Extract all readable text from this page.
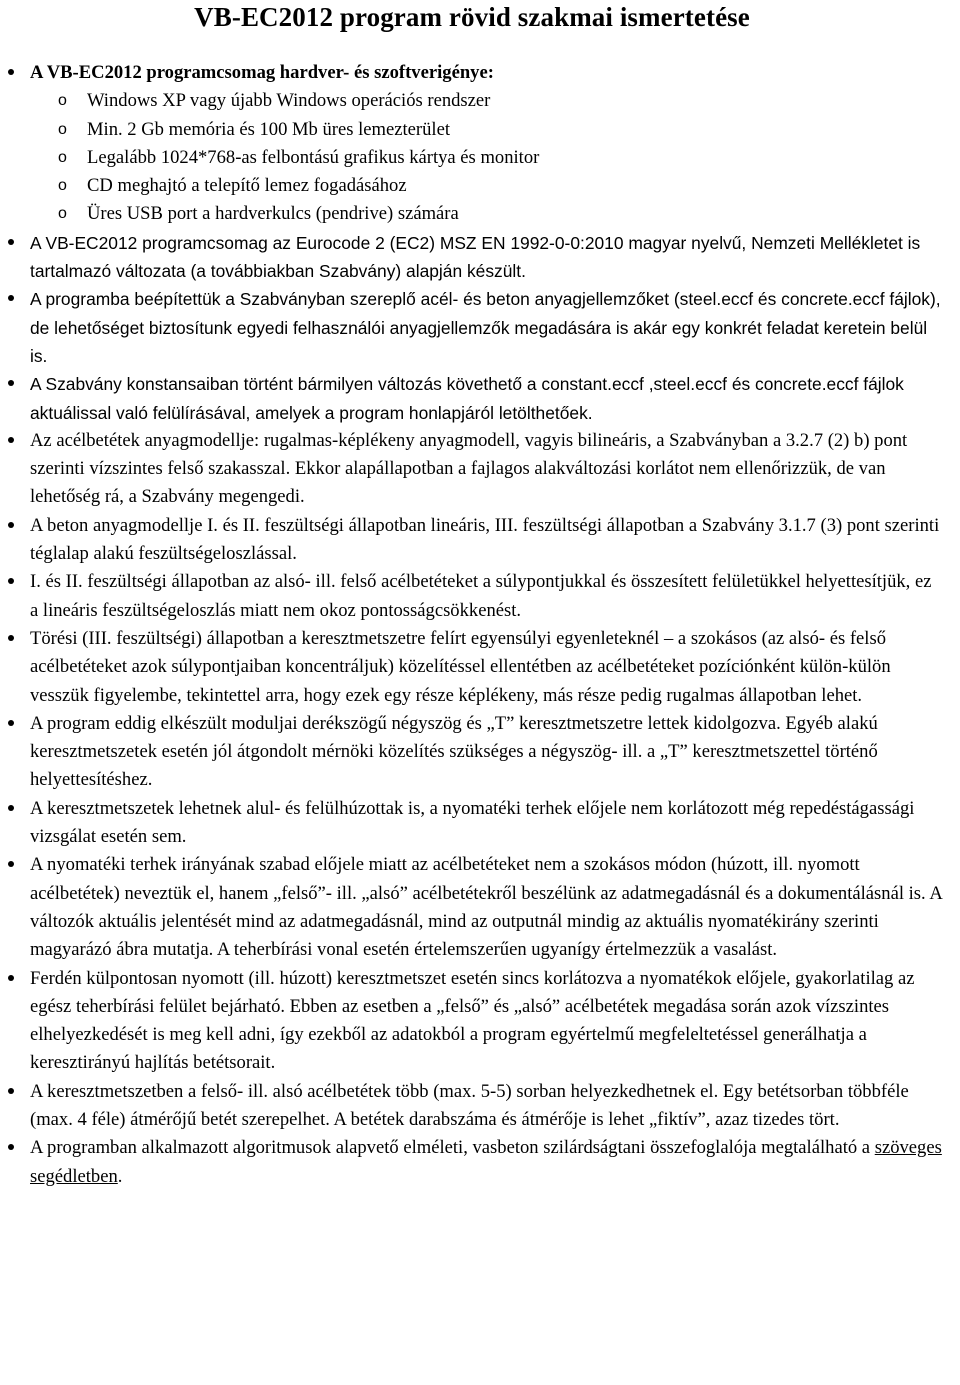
VB-EC2012 program rövid szakmai ismertetése
A VB-EC2012 programcsomag hardver- és szoftverigénye:
o Windows XP vagy újabb Windows operációs rendszer
o Min. 2 Gb memória és 100 Mb üres lemezterület
o Legalább 1024*768-as felbontású grafikus kártya és monitor
o CD meghajtó a telepítő lemez fogadásához
o Üres USB port a hardverkulcs (pendrive) számára
A VB-EC2012 programcsomag az Eurocode 2 (EC2) MSZ EN 1992-0-0:2010 magyar nyelvű, Nemzeti Mellékletet is tartalmazó változata (a továbbiakban Szabvány) alapján készült.
A programba beépítettük a Szabványban szereplő acél- és beton anyagjellemzőket (steel.eccf és concrete.eccf fájlok), de lehetőséget biztosítunk egyedi felhasználói anyagjellemzők megadására is akár egy konkrét feladat keretein belül is.
A Szabvány konstansaiban történt bármilyen változás követhető a constant.eccf ,steel.eccf és concrete.eccf fájlok aktuálissal való felülírásával, amelyek a program honlapjáról letölthetőek.
Az acélbetétek anyagmodellje: rugalmas-képlékeny anyagmodell, vagyis bilineáris, a Szabványban a 3.2.7 (2) b) pont szerinti vízszintes felső szakasszal. Ekkor alapállapotban a fajlagos alakváltozási korlátot nem ellenőrizzük, de van lehetőség rá, a Szabvány megengedi.
A beton anyagmodellje I. és II. feszültségi állapotban lineáris, III. feszültségi állapotban a Szabvány 3.1.7 (3) pont szerinti téglalap alakú feszültségeloszlással.
I. és II. feszültségi állapotban az alsó- ill. felső acélbetéteket a súlypontjukkal és összesített felületükkel helyettesítjük, ez a lineáris feszültségeloszlás miatt nem okoz pontosságcsökkenést.
Törési (III. feszültségi) állapotban a keresztmetszetre felírt egyensúlyi egyenleteknél – a szokásos (az alsó- és felső acélbetéteket azok súlypontjaiban koncentráljuk) közelítéssel ellentétben az acélbetéteket pozíciónként külön-külön vesszük figyelembe, tekintettel arra, hogy ezek egy része képlékeny, más része pedig rugalmas állapotban lehet.
A program eddig elkészült moduljai derékszögű négyszög és „T” keresztmetszetre lettek kidolgozva. Egyéb alakú keresztmetszetek esetén jól átgondolt mérnöki közelítés szükséges a négyszög- ill. a „T” keresztmetszettel történő helyettesítéshez.
A keresztmetszetek lehetnek alul- és felülhúzottak is, a nyomatéki terhek előjele nem korlátozott még repedéstágassági vizsgálat esetén sem.
A nyomatéki terhek irányának szabad előjele miatt az acélbetéteket nem a szokásos módon (húzott, ill. nyomott acélbetétek) neveztük el, hanem „felső”- ill. „alsó” acélbetétekről beszélünk az adatmegadásnál és a dokumentálásnál is. A változók aktuális jelentését mind az adatmegadásnál, mind az outputnál mindig az aktuális nyomatékirány szerinti magyarázó ábra mutatja. A teherbírási vonal esetén értelemszerűen ugyanígy értelmezzük a vasalást.
Ferdén külpontosan nyomott (ill. húzott) keresztmetszet esetén sincs korlátozva a nyomatékok előjele, gyakorlatilag az egész teherbírási felület bejárható. Ebben az esetben a „felső” és „alsó” acélbetétek megadása során azok vízszintes elhelyezkedését is meg kell adni, így ezekből az adatokból a program egyértelmű megfeleltetéssel generálhatja a keresztirányú hajlítás betétsorait.
A keresztmetszetben a felső- ill. alsó acélbetétek több (max. 5-5) sorban helyezkedhetnek el. Egy betétsorban többféle (max. 4 féle) átmérőjű betét szerepelhet. A betétek darabszáma és átmérője is lehet „fiktív”, azaz tizedes tört.
A programban alkalmazott algoritmusok alapvető elméleti, vasbeton szilárdságtani összefoglalója megtalálható a szöveges segédletben.
